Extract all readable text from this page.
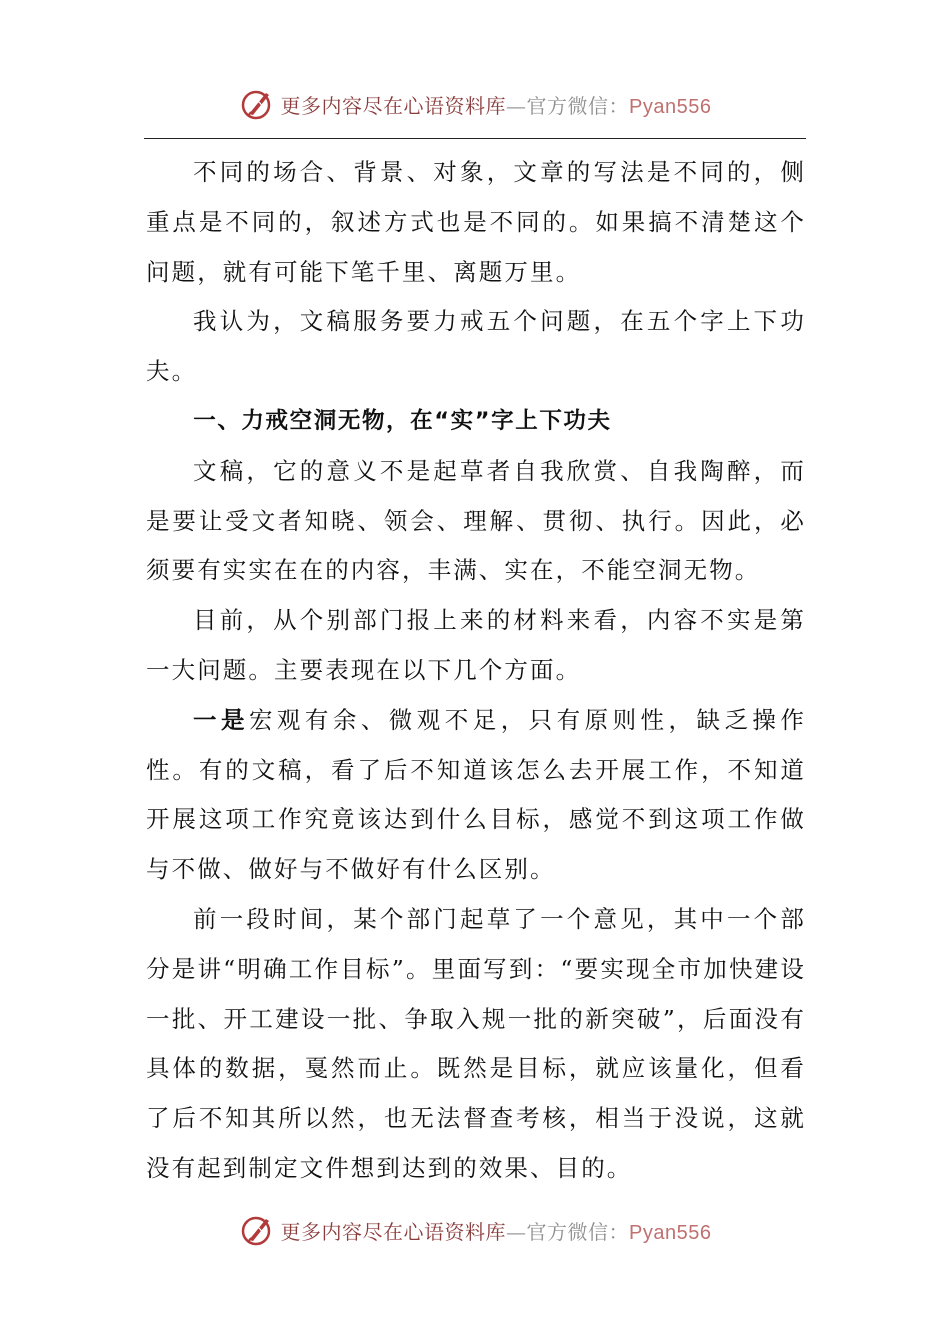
更多内容尽在心语资料库—官方微信：Pyan556

不同的场合、背景、对象，文章的写法是不同的，侧重点是不同的，叙述方式也是不同的。如果搞不清楚这个问题，就有可能下笔千里、离题万里。

我认为，文稿服务要力戒五个问题，在五个字上下功夫。

一、力戒空洞无物，在“实”字上下功夫

文稿，它的意义不是起草者自我欣赏、自我陶醉，而是要让受文者知晓、领会、理解、贯彻、执行。因此，必须要有实实在在的内容，丰满、实在，不能空洞无物。

目前，从个别部门报上来的材料来看，内容不实是第一大问题。主要表现在以下几个方面。

一是宏观有余、微观不足，只有原则性，缺乏操作性。有的文稿，看了后不知道该怎么去开展工作，不知道开展这项工作究竟该达到什么目标，感觉不到这项工作做与不做、做好与不做好有什么区别。

前一段时间，某个部门起草了一个意见，其中一个部分是讲“明确工作目标”。里面写到：“要实现全市加快建设一批、开工建设一批、争取入规一批的新突破”，后面没有具体的数据，戛然而止。既然是目标，就应该量化，但看了后不知其所以然，也无法督查考核，相当于没说，这就没有起到制定文件想到达到的效果、目的。

更多内容尽在心语资料库—官方微信：Pyan556
